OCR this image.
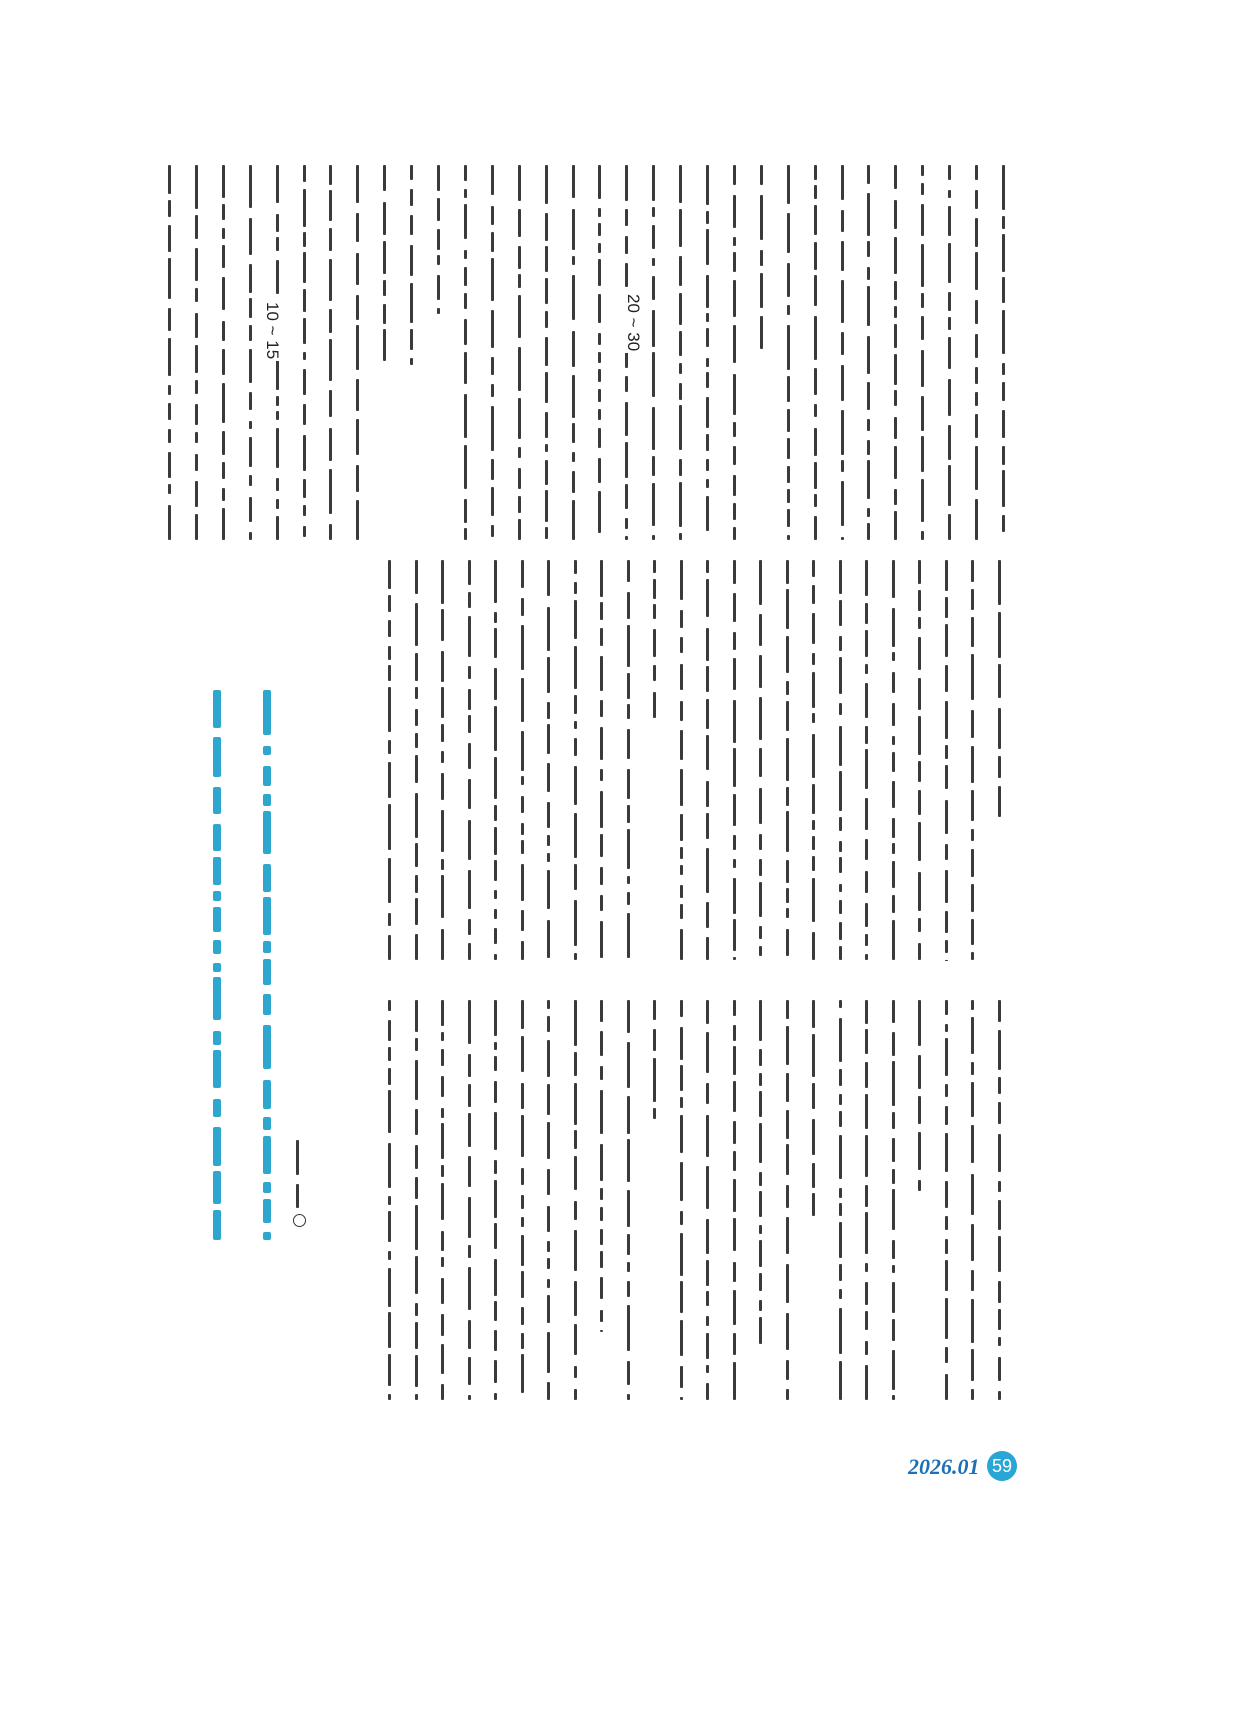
10 ~ 15	20 ~ 30
2026.01 59
